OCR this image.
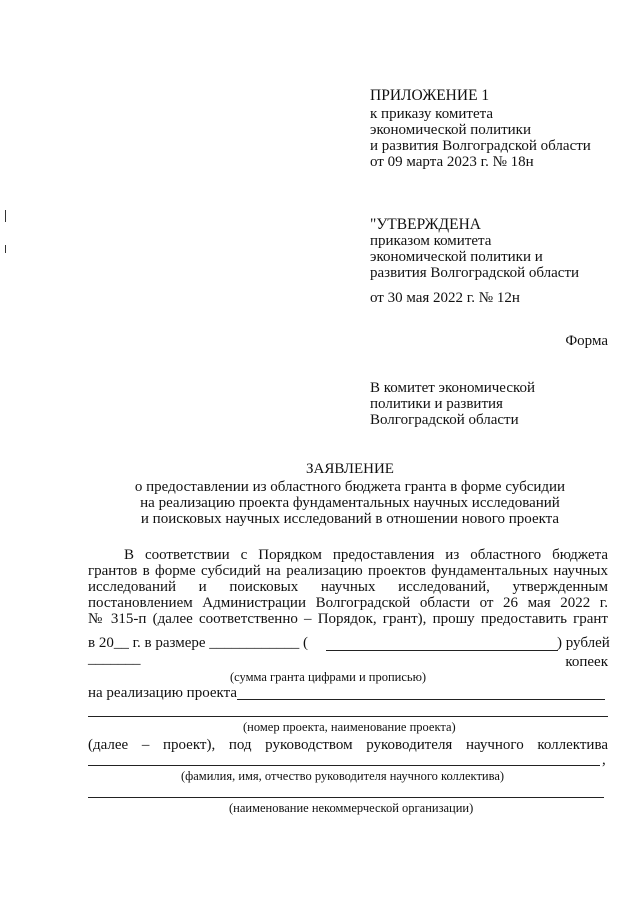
ПРИЛОЖЕНИЕ 1
к приказу комитета
экономической политики
и развития Волгоградской области
от 09 марта 2023 г. № 18н
"УТВЕРЖДЕНА
приказом комитета
экономической политики и
развития Волгоградской области
от 30 мая 2022 г. № 12н
Форма
В комитет экономической
политики и развития
Волгоградской области
ЗАЯВЛЕНИЕ
о предоставлении из областного бюджета гранта в форме субсидии
на реализацию проекта фундаментальных научных исследований
и поисковых научных исследований в отношении нового проекта
В соответствии с Порядком предоставления из областного бюджета
грантов в форме субсидий на реализацию проектов фундаментальных научных
исследований и поисковых научных исследований, утвержденным
постановлением Администрации Волгоградской области от 26 мая 2022 г.
№ 315-п (далее соответственно – Порядок, грант), прошу предоставить грант
в 20__ г. в размере ____________ (	) рублей
_______	копеек
(сумма гранта цифрами и прописью)
на реализацию проекта
(номер проекта, наименование проекта)
(далее – проект), под руководством руководителя научного коллектива
,
(фамилия, имя, отчество руководителя научного коллектива)
(наименование некоммерческой организации)
